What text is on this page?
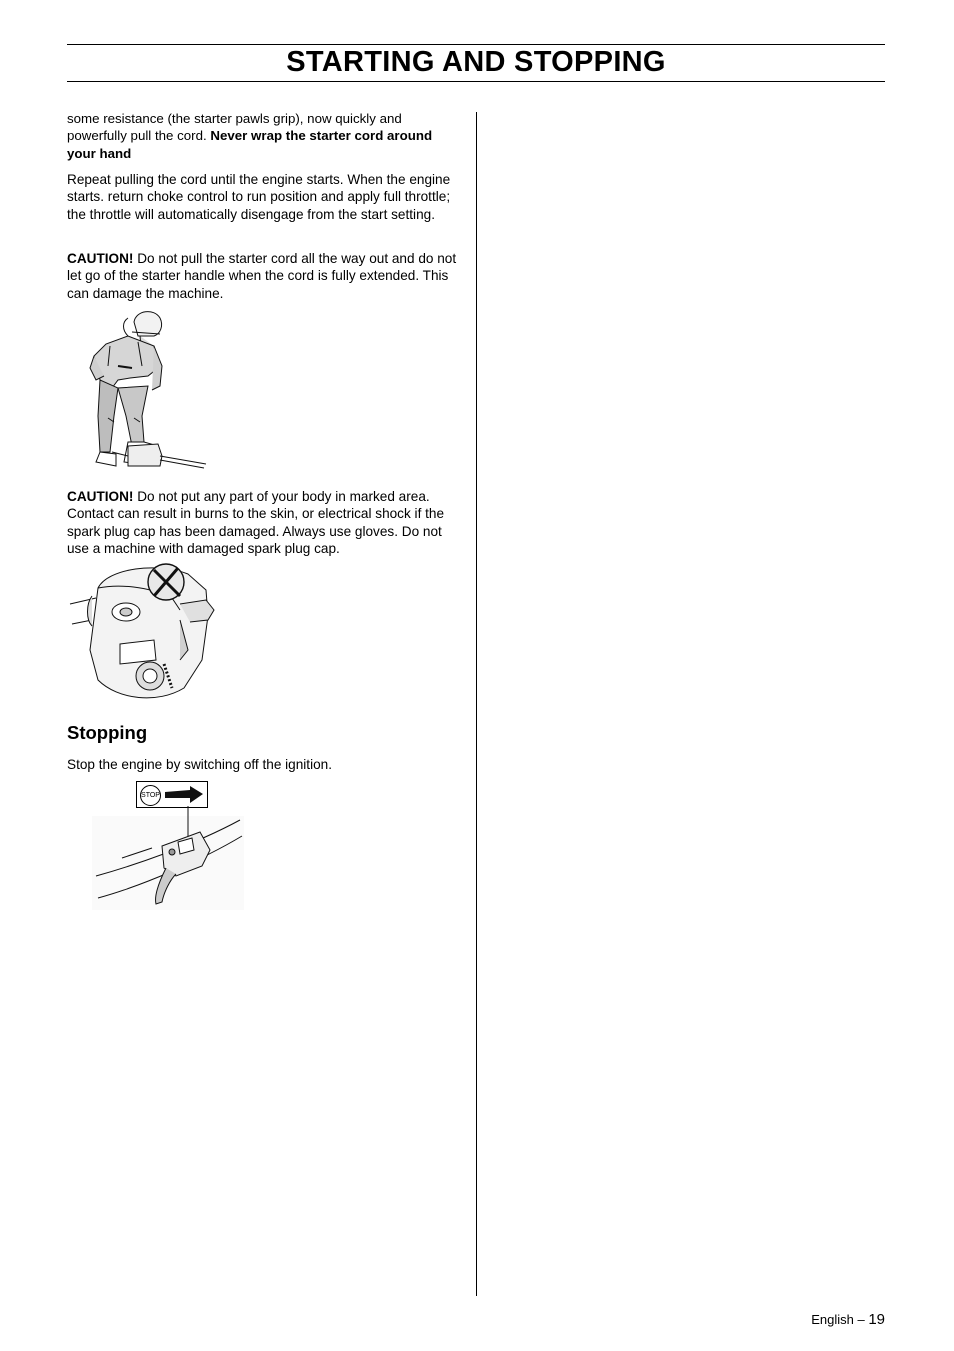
STARTING AND STOPPING

some resistance (the starter pawls grip), now quickly and powerfully pull the cord. Never wrap the starter cord around your hand

Repeat pulling the cord until the engine starts. When the engine starts. return choke control to run position and apply full throttle; the throttle will automatically disengage from the start setting.

CAUTION! Do not pull the starter cord all the way out and do not let go of the starter handle when the cord is fully extended. This can damage the machine.

CAUTION! Do not put any part of your body in marked area. Contact can result in burns to the skin, or electrical shock if the spark plug cap has been damaged. Always use gloves. Do not use a machine with damaged spark plug cap.

Stopping

Stop the engine by switching off the ignition.

STOP
English – 19
